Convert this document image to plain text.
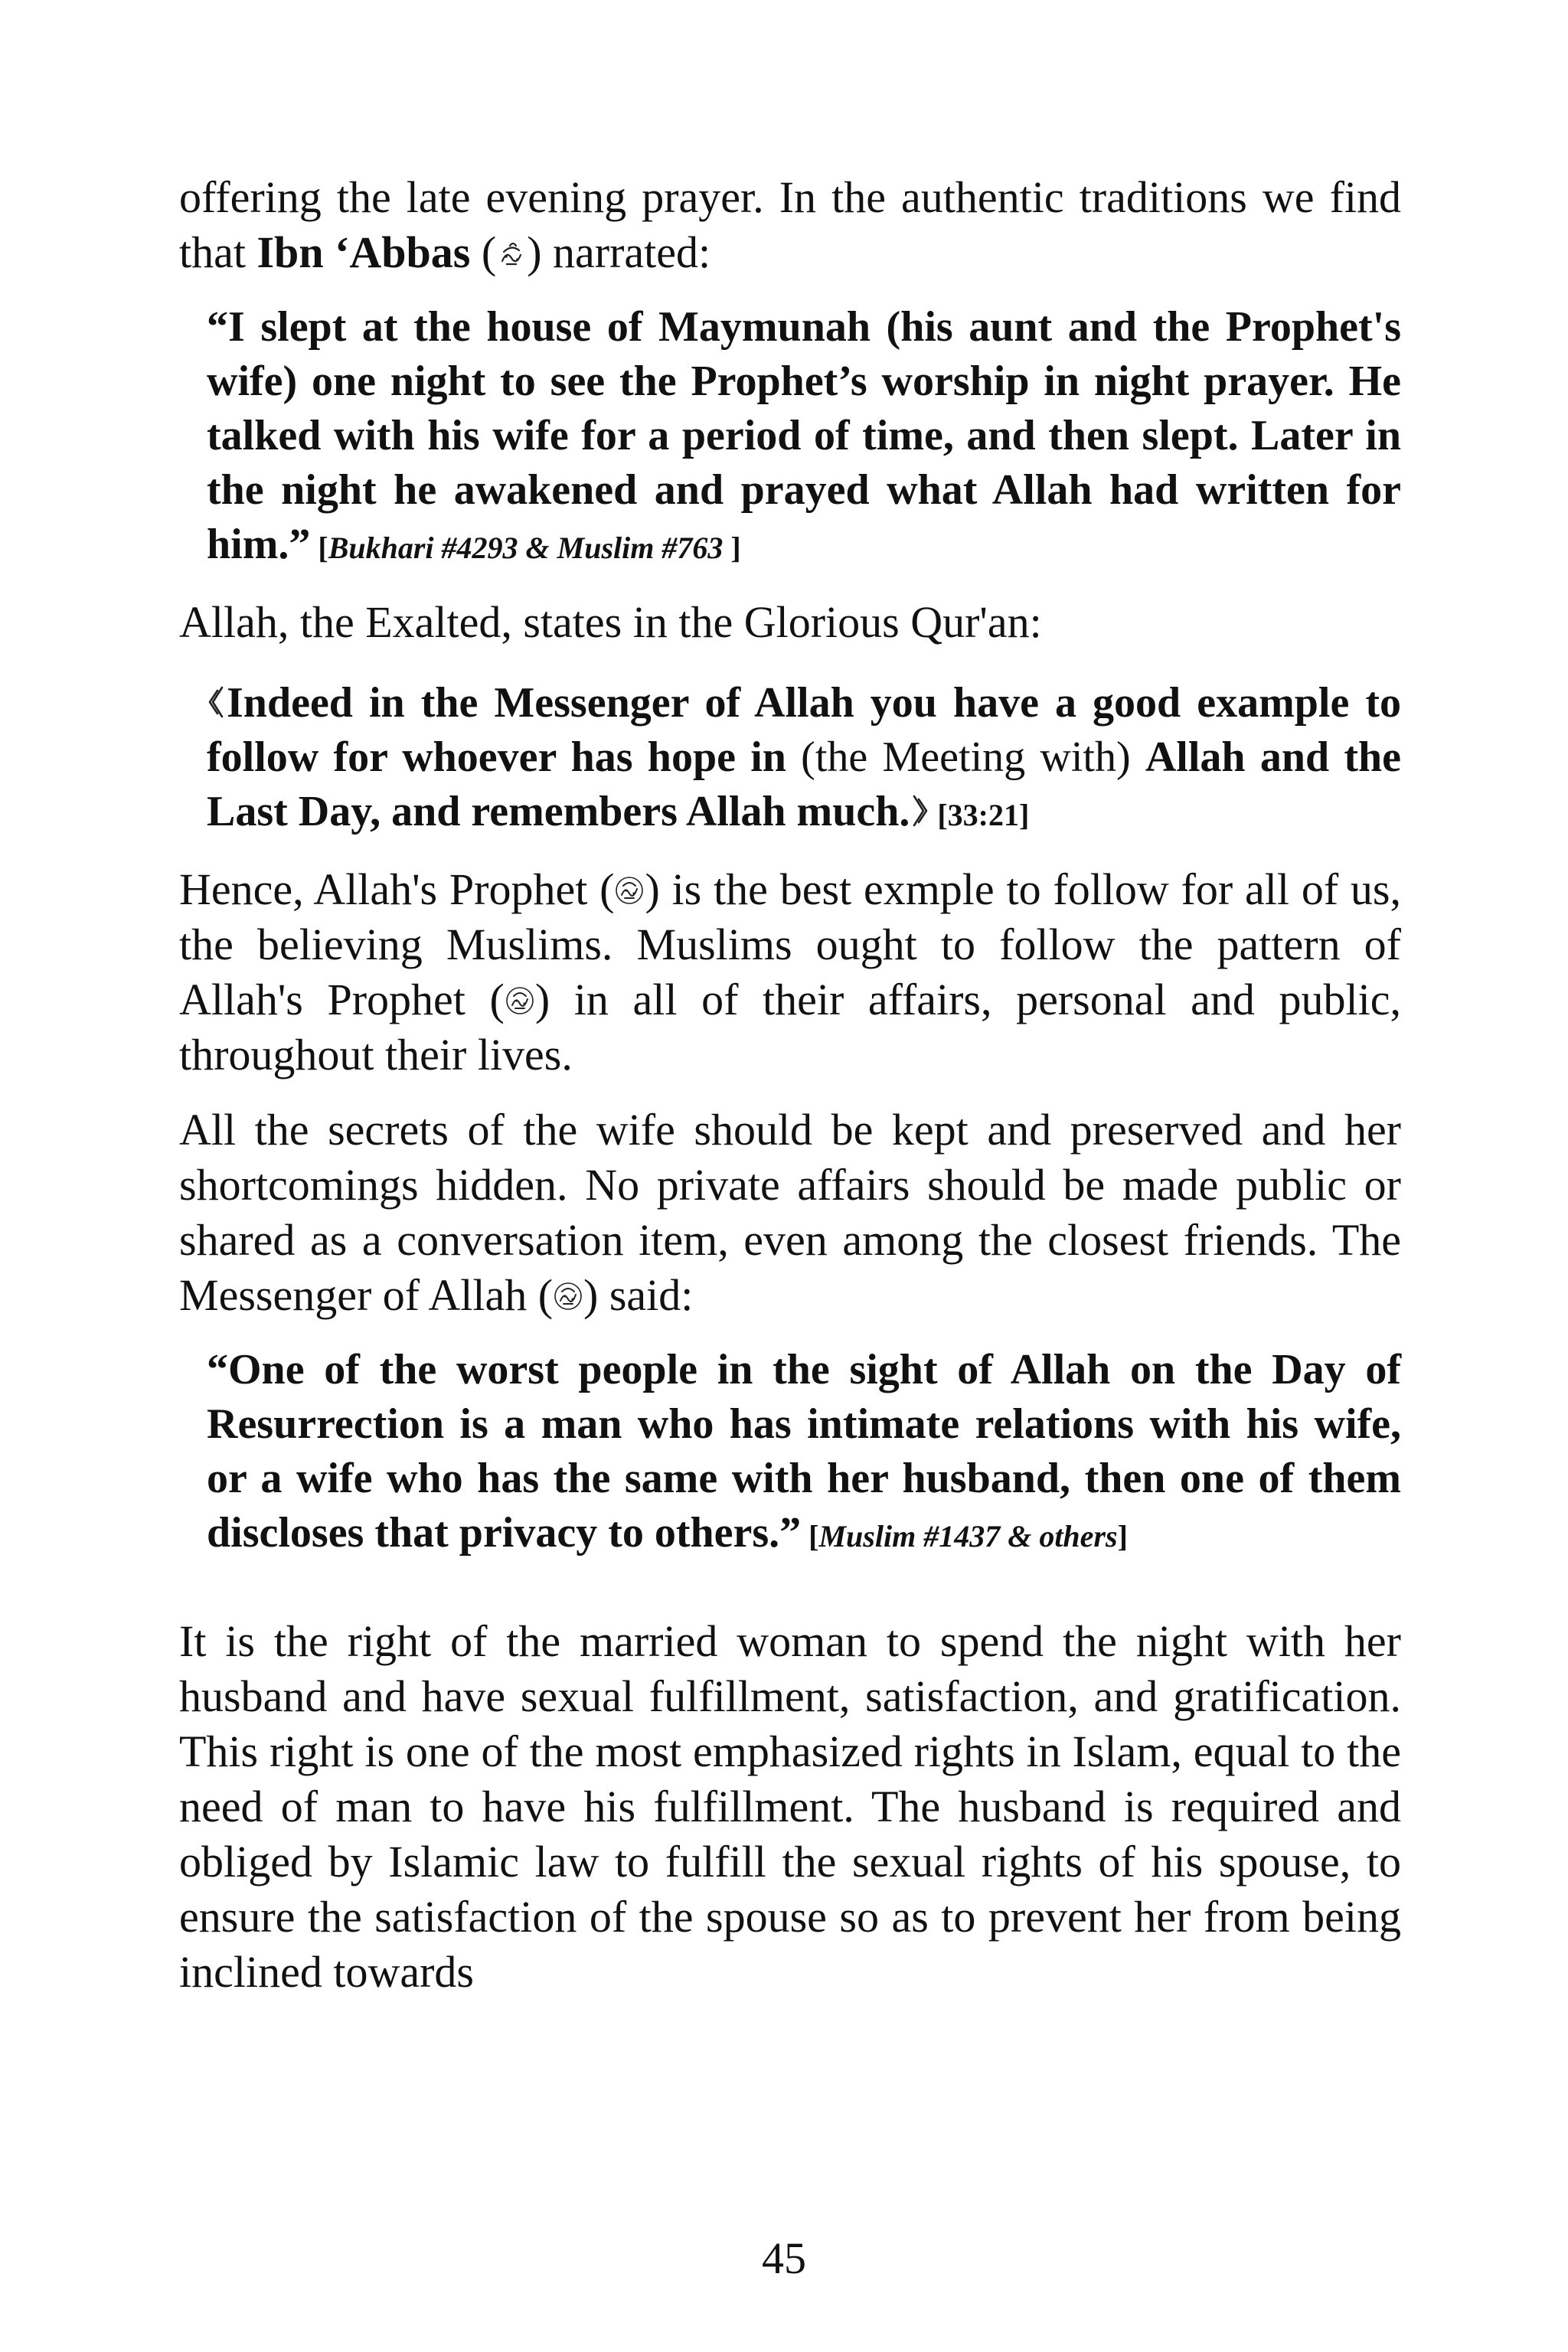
offering the late evening prayer. In the authentic traditions we find that Ibn ‘Abbas ( ) narrated:

“I slept at the house of Maymunah (his aunt and the Prophet's wife) one night to see the Prophet’s worship in night prayer. He talked with his wife for a period of time, and then slept. Later in the night he awakened and prayed what Allah had written for him.” [Bukhari #4293 & Muslim #763 ]

Allah, the Exalted, states in the Glorious Qur'an:

Indeed in the Messenger of Allah you have a good example to follow for whoever has hope in (the Meeting with) Allah and the Last Day, and remembers Allah much. [33:21]

Hence, Allah's Prophet ( ) is the best exmple to follow for all of us, the believing Muslims. Muslims ought to follow the pattern of Allah's Prophet ( ) in all of their affairs, personal and public, throughout their lives.

All the secrets of the wife should be kept and preserved and her shortcomings hidden. No private affairs should be made public or shared as a conversation item, even among the closest friends. The Messenger of Allah ( ) said:

“One of the worst people in the sight of Allah on the Day of Resurrection is a man who has intimate relations with his wife, or a wife who has the same with her husband, then one of them discloses that privacy to others.” [Muslim #1437 & others]

It is the right of the married woman to spend the night with her husband and have sexual fulfillment, satisfaction, and gratification. This right is one of the most emphasized rights in Islam, equal to the need of man to have his fulfillment. The husband is required and obliged by Islamic law to fulfill the sexual rights of his spouse, to ensure the satisfaction of the spouse so as to prevent her from being inclined towards

45
